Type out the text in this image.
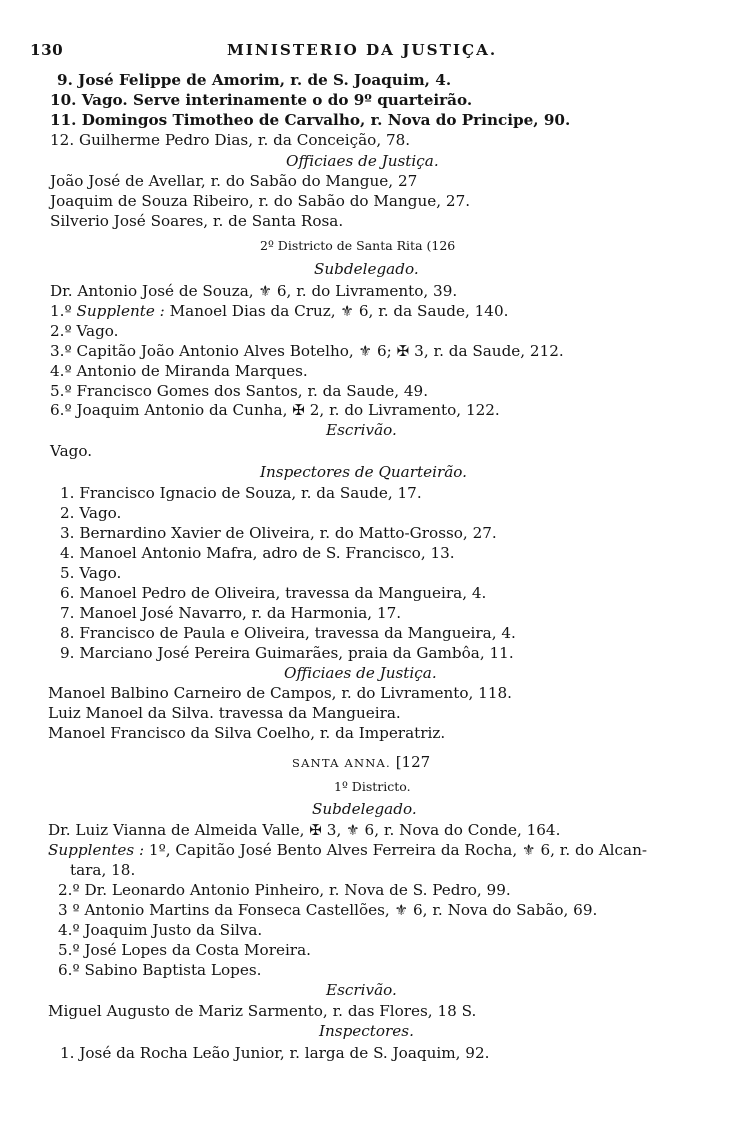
130	MINISTERIO DA JUSTIÇA.
9. José Felippe de Amorim, r. de S. Joaquim, 4.
10. Vago. Serve interinamente o do 9º quarteirão.
11. Domingos Timotheo de Carvalho, r. Nova do Principe, 90.
12. Guilherme Pedro Dias, r. da Conceição, 78.
Officiaes de Justiça.
João José de Avellar, r. do Sabão do Mangue, 27
Joaquim de Souza Ribeiro, r. do Sabão do Mangue, 27.
Silverio José Soares, r. de Santa Rosa.
2º Districto de Santa Rita (126
Subdelegado.
Dr. Antonio José de Souza, ⚜ 6, r. do Livramento, 39.
1.º Supplente : Manoel Dias da Cruz, ⚜ 6, r. da Saude, 140.
2.º Vago.
3.º Capitão João Antonio Alves Botelho, ⚜ 6; ✠ 3, r. da Saude, 212.
4.º Antonio de Miranda Marques.
5.º Francisco Gomes dos Santos, r. da Saude, 49.
6.º Joaquim Antonio da Cunha, ✠ 2, r. do Livramento, 122.
Escrivão.
Vago.
Inspectores de Quarteirão.
1. Francisco Ignacio de Souza, r. da Saude, 17.
2. Vago.
3. Bernardino Xavier de Oliveira, r. do Matto-Grosso, 27.
4. Manoel Antonio Mafra, adro de S. Francisco, 13.
5. Vago.
6. Manoel Pedro de Oliveira, travessa da Mangueira, 4.
7. Manoel José Navarro, r. da Harmonia, 17.
8. Francisco de Paula e Oliveira, travessa da Mangueira, 4.
9. Marciano José Pereira Guimarães, praia da Gambôa, 11.
Officiaes de Justiça.
Manoel Balbino Carneiro de Campos, r. do Livramento, 118.
Luiz Manoel da Silva. travessa da Mangueira.
Manoel Francisco da Silva Coelho, r. da Imperatriz.
SANTA ANNA. [127
1º Districto.
Subdelegado.
Dr. Luiz Vianna de Almeida Valle, ✠ 3, ⚜ 6, r. Nova do Conde, 164.
Supplentes : 1º, Capitão José Bento Alves Ferreira da Rocha, ⚜ 6, r. do Alcan-
tara, 18.
2.º Dr. Leonardo Antonio Pinheiro, r. Nova de S. Pedro, 99.
3 º Antonio Martins da Fonseca Castellões, ⚜ 6, r. Nova do Sabão, 69.
4.º Joaquim Justo da Silva.
5.º José Lopes da Costa Moreira.
6.º Sabino Baptista Lopes.
Escrivão.
Miguel Augusto de Mariz Sarmento, r. das Flores, 18 S.
Inspectores.
1. José da Rocha Leão Junior, r. larga de S. Joaquim, 92.
